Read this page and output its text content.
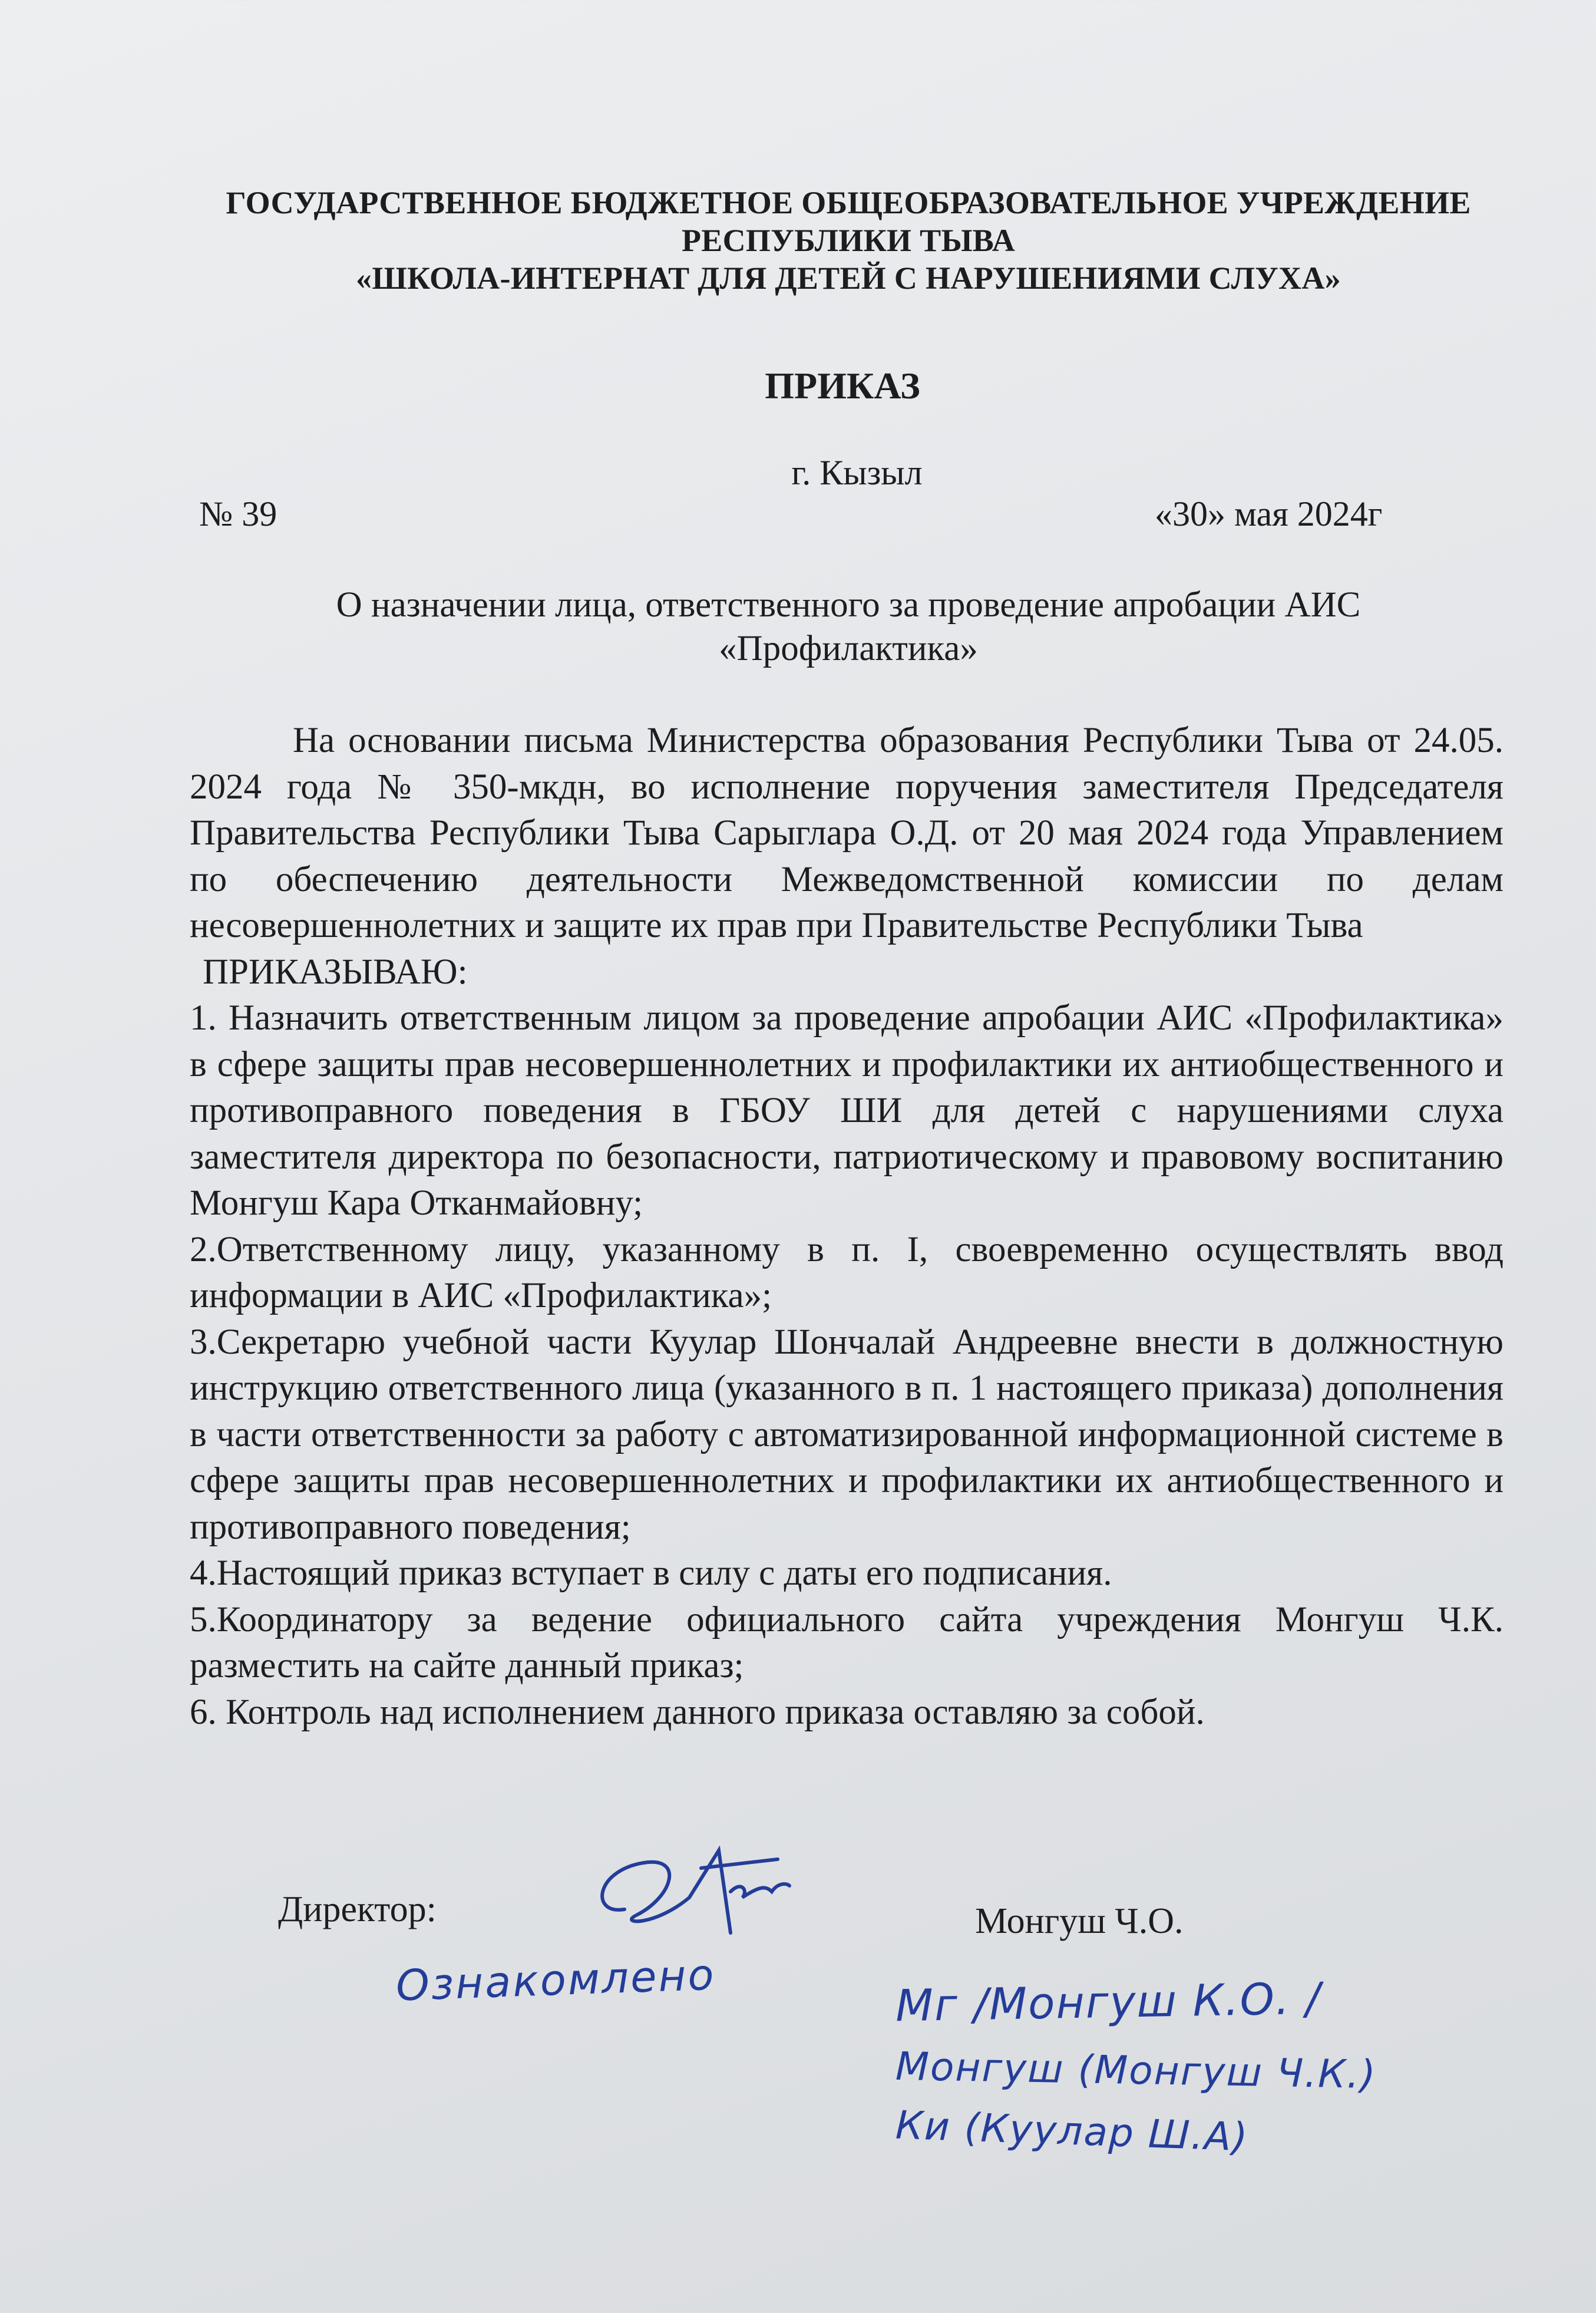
ГОСУДАРСТВЕННОЕ БЮДЖЕТНОЕ ОБЩЕОБРАЗОВАТЕЛЬНОЕ УЧРЕЖДЕНИЕ
РЕСПУБЛИКИ ТЫВА
«ШКОЛА-ИНТЕРНАТ ДЛЯ ДЕТЕЙ С НАРУШЕНИЯМИ СЛУХА»
ПРИКАЗ
г. Кызыл
№ 39	«30» мая 2024г
О назначении лица, ответственного за проведение апробации АИС
«Профилактика»

На основании письма Министерства образования Республики Тыва от 24.05. 2024 года № 350-мкдн, во исполнение поручения заместителя Председателя Правительства Республики Тыва Сарыглара О.Д. от 20 мая 2024 года Управлением по обеспечению деятельности Межведомственной комиссии по делам несовершеннолетних и защите их прав при Правительстве Республики Тыва

ПРИКАЗЫВАЮ:

1. Назначить ответственным лицом за проведение апробации АИС «Профилактика» в сфере защиты прав несовершеннолетних и профилактики их антиобщественного и противоправного поведения в ГБОУ ШИ для детей с нарушениями слуха заместителя директора по безопасности, патриотическому и правовому воспитанию Монгуш Кара Отканмайовну;

2.Ответственному лицу, указанному в п. I, своевременно осуществлять ввод информации в АИС «Профилактика»;

3.Секретарю учебной части Куулар Шончалай Андреевне внести в должностную инструкцию ответственного лица (указанного в п. 1 настоящего приказа) дополнения в части ответственности за работу с автоматизированной информационной системе в сфере защиты прав несовершеннолетних и профилактики их антиобщественного и противоправного поведения;

4.Настоящий приказ вступает в силу с даты его подписания.

5.Координатору за ведение официального сайта учреждения Монгуш Ч.К. разместить на сайте данный приказ;

6. Контроль над исполнением данного приказа оставляю за собой.

Директор:	Монгуш Ч.О.
Ознакомлено	Мг /Монгуш К.О. /
Монгуш (Монгуш Ч.К.)
Ки (Куулар Ш.А)
